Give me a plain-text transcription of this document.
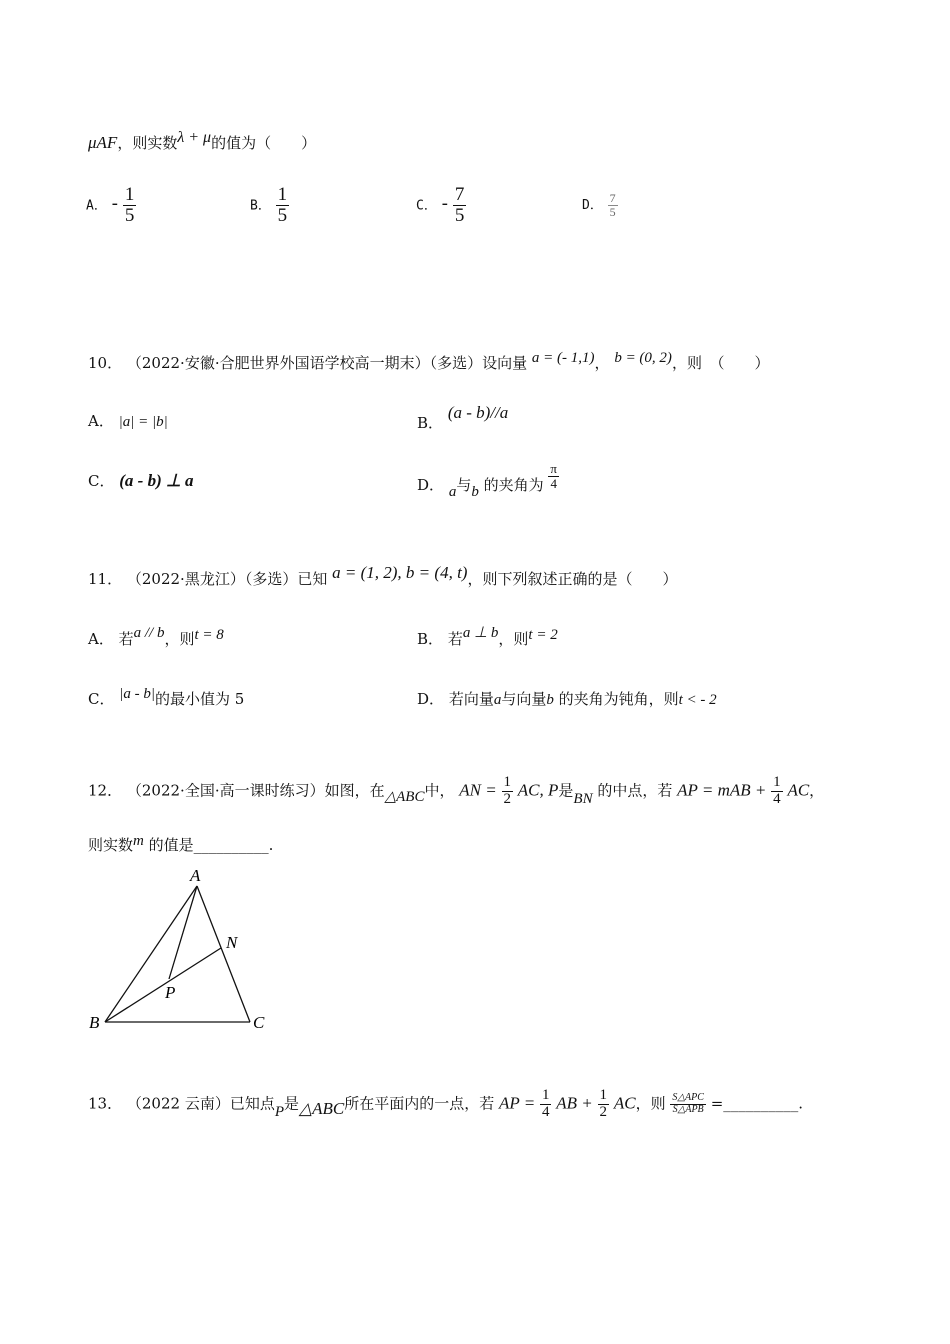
μAF，则实数λ + μ的值为（　　）
A． - $\frac{1}{5}$	B． $\frac{1}{5}$	C． - $\frac{7}{5}$	D． $\frac{7}{5}$
10． （2022·安徽·合肥世界外国语学校高一期末）（多选）设向量 a = (- 1,1)， b = (0, 2)，则　（　　）
A． |a| = |b|	B． (a - b)//a
C． (a - b) ⊥ a	D． a与b 的夹角为 $\frac{\pi}{4}$
11． （2022·黑龙江）（多选）已知 a = (1, 2), b = (4, t)，则下列叙述正确的是（　　）
A． 若a // b，则t = 8	B． 若a ⊥ b，则t = 2
C． |a - b|的最小值为 5	D． 若向量a与向量b 的夹角为钝角，则t < - 2
12． （2022·全国·高一课时练习）如图，在△ABC中， AN = $\frac{1}{2}$ AC, P是BN 的中点，若 AP = mAB + $\frac{1}{4}$ AC，
则实数m 的值是__________.
A
B	C
N
P
13． （2022 云南）已知点P是△ABC所在平面内的一点，若 AP = $\frac{1}{4}$ AB + $\frac{1}{2}$ AC，则 $\frac{\text{S△APC}}{\text{S△APB}}$ =__________.
